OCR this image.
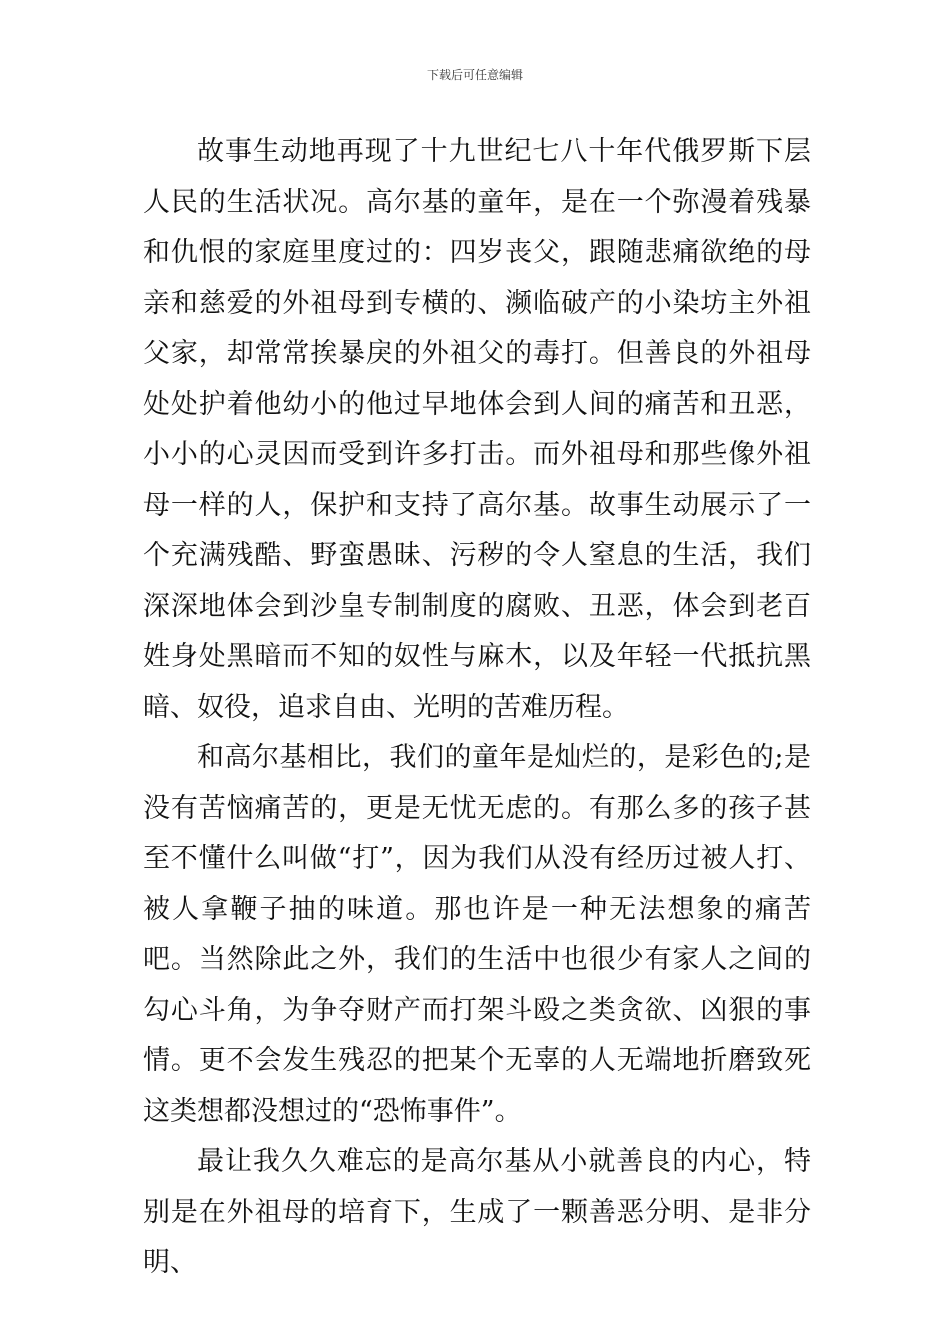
下载后可任意编辑

故事生动地再现了十九世纪七八十年代俄罗斯下层人民的生活状况。高尔基的童年，是在一个弥漫着残暴和仇恨的家庭里度过的：四岁丧父，跟随悲痛欲绝的母亲和慈爱的外祖母到专横的、濒临破产的小染坊主外祖父家，却常常挨暴戾的外祖父的毒打。但善良的外祖母处处护着他幼小的他过早地体会到人间的痛苦和丑恶，小小的心灵因而受到许多打击。而外祖母和那些像外祖母一样的人，保护和支持了高尔基。故事生动展示了一个充满残酷、野蛮愚昧、污秽的令人窒息的生活，我们深深地体会到沙皇专制制度的腐败、丑恶，体会到老百姓身处黑暗而不知的奴性与麻木，以及年轻一代抵抗黑暗、奴役，追求自由、光明的苦难历程。

和高尔基相比，我们的童年是灿烂的，是彩色的;是没有苦恼痛苦的，更是无忧无虑的。有那么多的孩子甚至不懂什么叫做“打”，因为我们从没有经历过被人打、被人拿鞭子抽的味道。那也许是一种无法想象的痛苦吧。当然除此之外，我们的生活中也很少有家人之间的勾心斗角，为争夺财产而打架斗殴之类贪欲、凶狠的事情。更不会发生残忍的把某个无辜的人无端地折磨致死这类想都没想过的“恐怖事件”。

最让我久久难忘的是高尔基从小就善良的内心，特别是在外祖母的培育下，生成了一颗善恶分明、是非分明、
